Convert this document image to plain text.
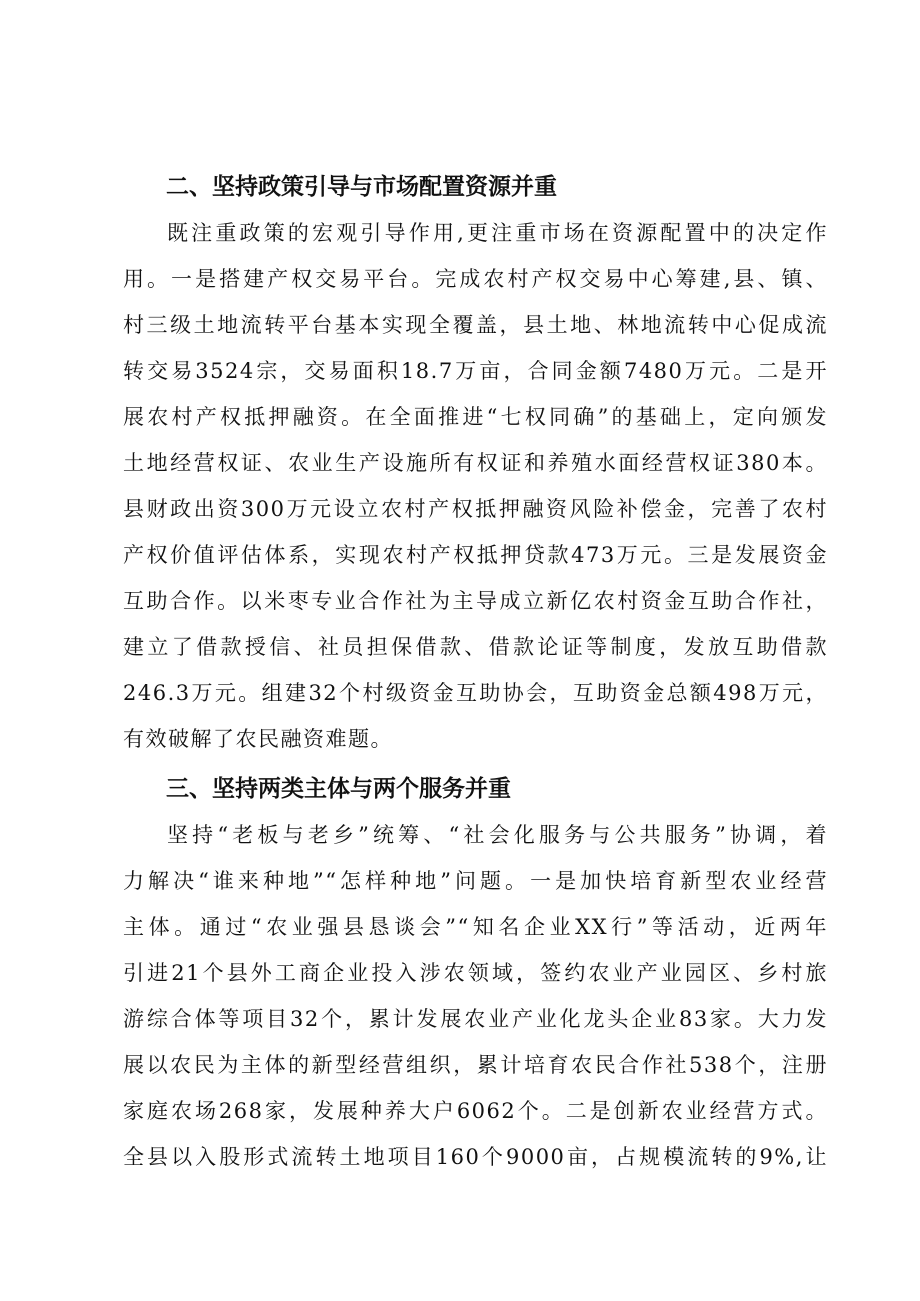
二、坚持政策引导与市场配置资源并重
既注重政策的宏观引导作用,更注重市场在资源配置中的决定作
用。一是搭建产权交易平台。完成农村产权交易中心筹建,县、镇、
村三级土地流转平台基本实现全覆盖，县土地、林地流转中心促成流
转交易3524宗，交易面积18.7万亩，合同金额7480万元。二是开
展农村产权抵押融资。在全面推进“七权同确”的基础上，定向颁发
土地经营权证、农业生产设施所有权证和养殖水面经营权证380本。
县财政出资300万元设立农村产权抵押融资风险补偿金，完善了农村
产权价值评估体系，实现农村产权抵押贷款473万元。三是发展资金
互助合作。以米枣专业合作社为主导成立新亿农村资金互助合作社，
建立了借款授信、社员担保借款、借款论证等制度，发放互助借款
246.3万元。组建32个村级资金互助协会，互助资金总额498万元，
有效破解了农民融资难题。
三、坚持两类主体与两个服务并重
坚持“老板与老乡”统筹、“社会化服务与公共服务”协调，着
力解决“谁来种地”“怎样种地”问题。一是加快培育新型农业经营
主体。通过“农业强县恳谈会”“知名企业XX行”等活动，近两年
引进21个县外工商企业投入涉农领域，签约农业产业园区、乡村旅
游综合体等项目32个，累计发展农业产业化龙头企业83家。大力发
展以农民为主体的新型经营组织，累计培育农民合作社538个，注册
家庭农场268家，发展种养大户6062个。二是创新农业经营方式。
全县以入股形式流转土地项目160个9000亩，占规模流转的9%,让
